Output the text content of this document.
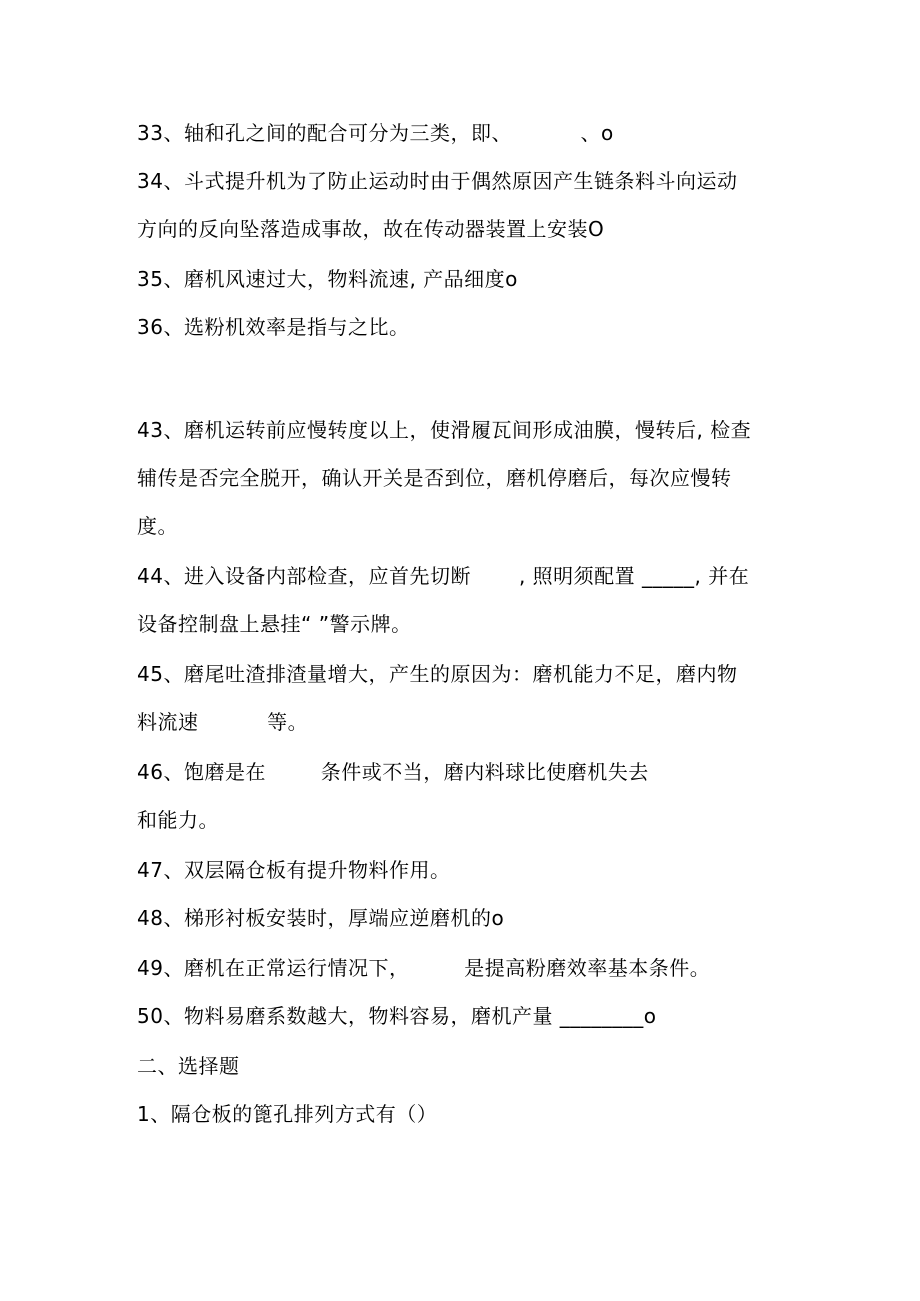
33、轴和孔之间的配合可分为三类，即、          、o
34、斗式提升机为了防止运动时由于偶然原因产生链条料斗向运动
方向的反向坠落造成事故，故在传动器装置上安装O
35、磨机风速过大，物料流速, 产品细度o
36、选粉机效率是指与之比。
43、磨机运转前应慢转度以上，使滑履瓦间形成油膜，慢转后, 检查
辅传是否完全脱开，确认开关是否到位，磨机停磨后，每次应慢转
度。
44、进入设备内部检查，应首先切断       , 照明须配置 _____, 并在
设备控制盘上悬挂“ ”警示牌。
45、磨尾吐渣排渣量增大，产生的原因为：磨机能力不足，磨内物
料流速          等。
46、饱磨是在        条件或不当，磨内料球比使磨机失去
和能力。
47、双层隔仓板有提升物料作用。
48、梯形衬板安装时，厚端应逆磨机的o
49、磨机在正常运行情况下，        是提高粉磨效率基本条件。
50、物料易磨系数越大，物料容易，磨机产量 ________o
二、选择题
1、隔仓板的篦孔排列方式有（）
